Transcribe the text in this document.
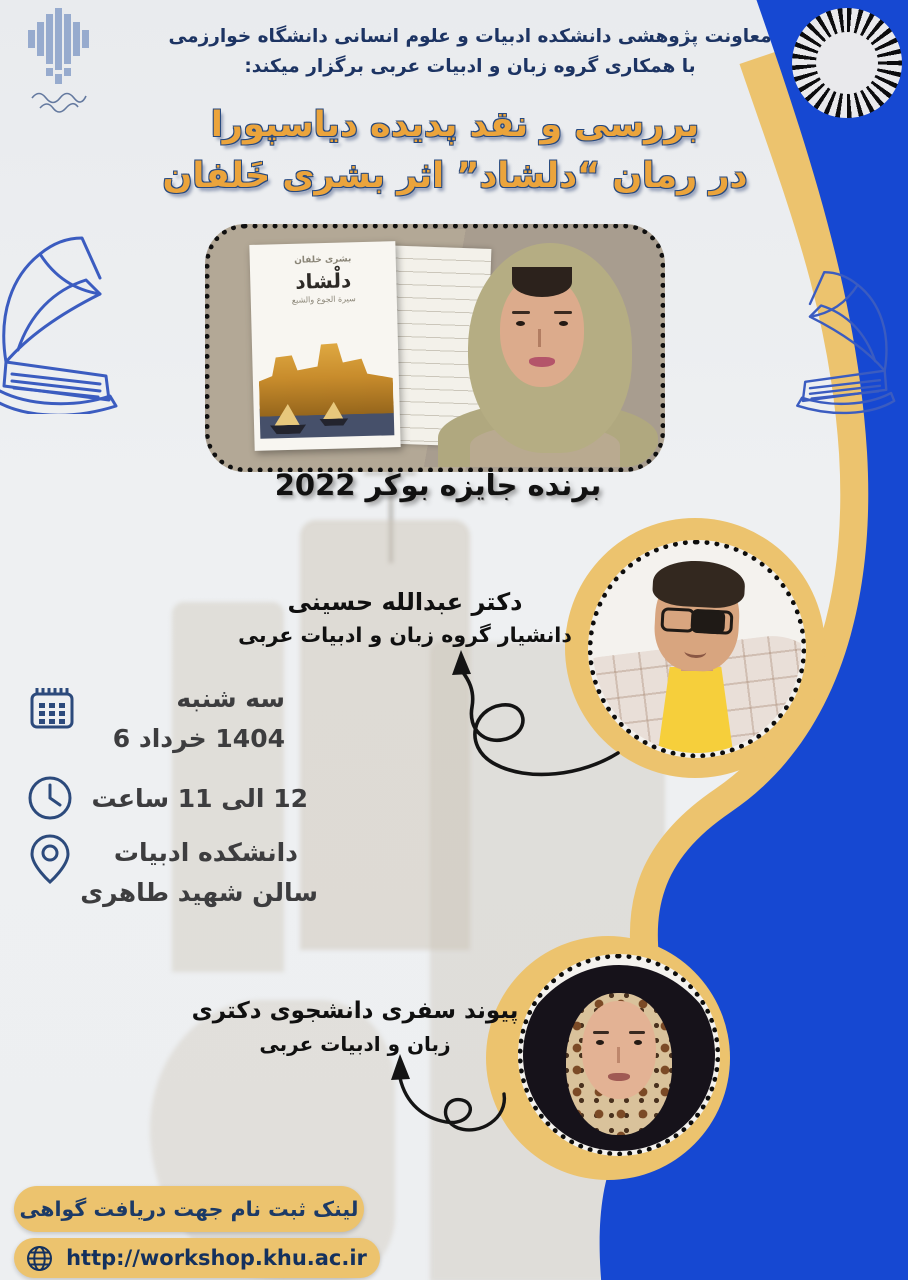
معاونت پژوهشی دانشکده ادبیات و علوم انسانی دانشگاه خوارزمی
با همکاری گروه زبان و ادبیات عربی برگزار میکند:
بررسی و نقد پدیده دیاسپورا
در رمان “دلشاد” اثر بشری خَلفان
بشری خلفان
دلْشاد
سیرة الجوع والشبع
برنده جایزه بوکر 2022
دکتر عبدالله حسینی
دانشیار گروه زبان و ادبیات عربی
سه شنبه
1404 خرداد 6
12 الی 11 ساعت
دانشکده ادبیات
سالن شهید طاهری
پیوند سفری دانشجوی دکتری
زبان و ادبیات عربی
لینک ثبت نام جهت دریافت گواهی
http://workshop.khu.ac.ir
